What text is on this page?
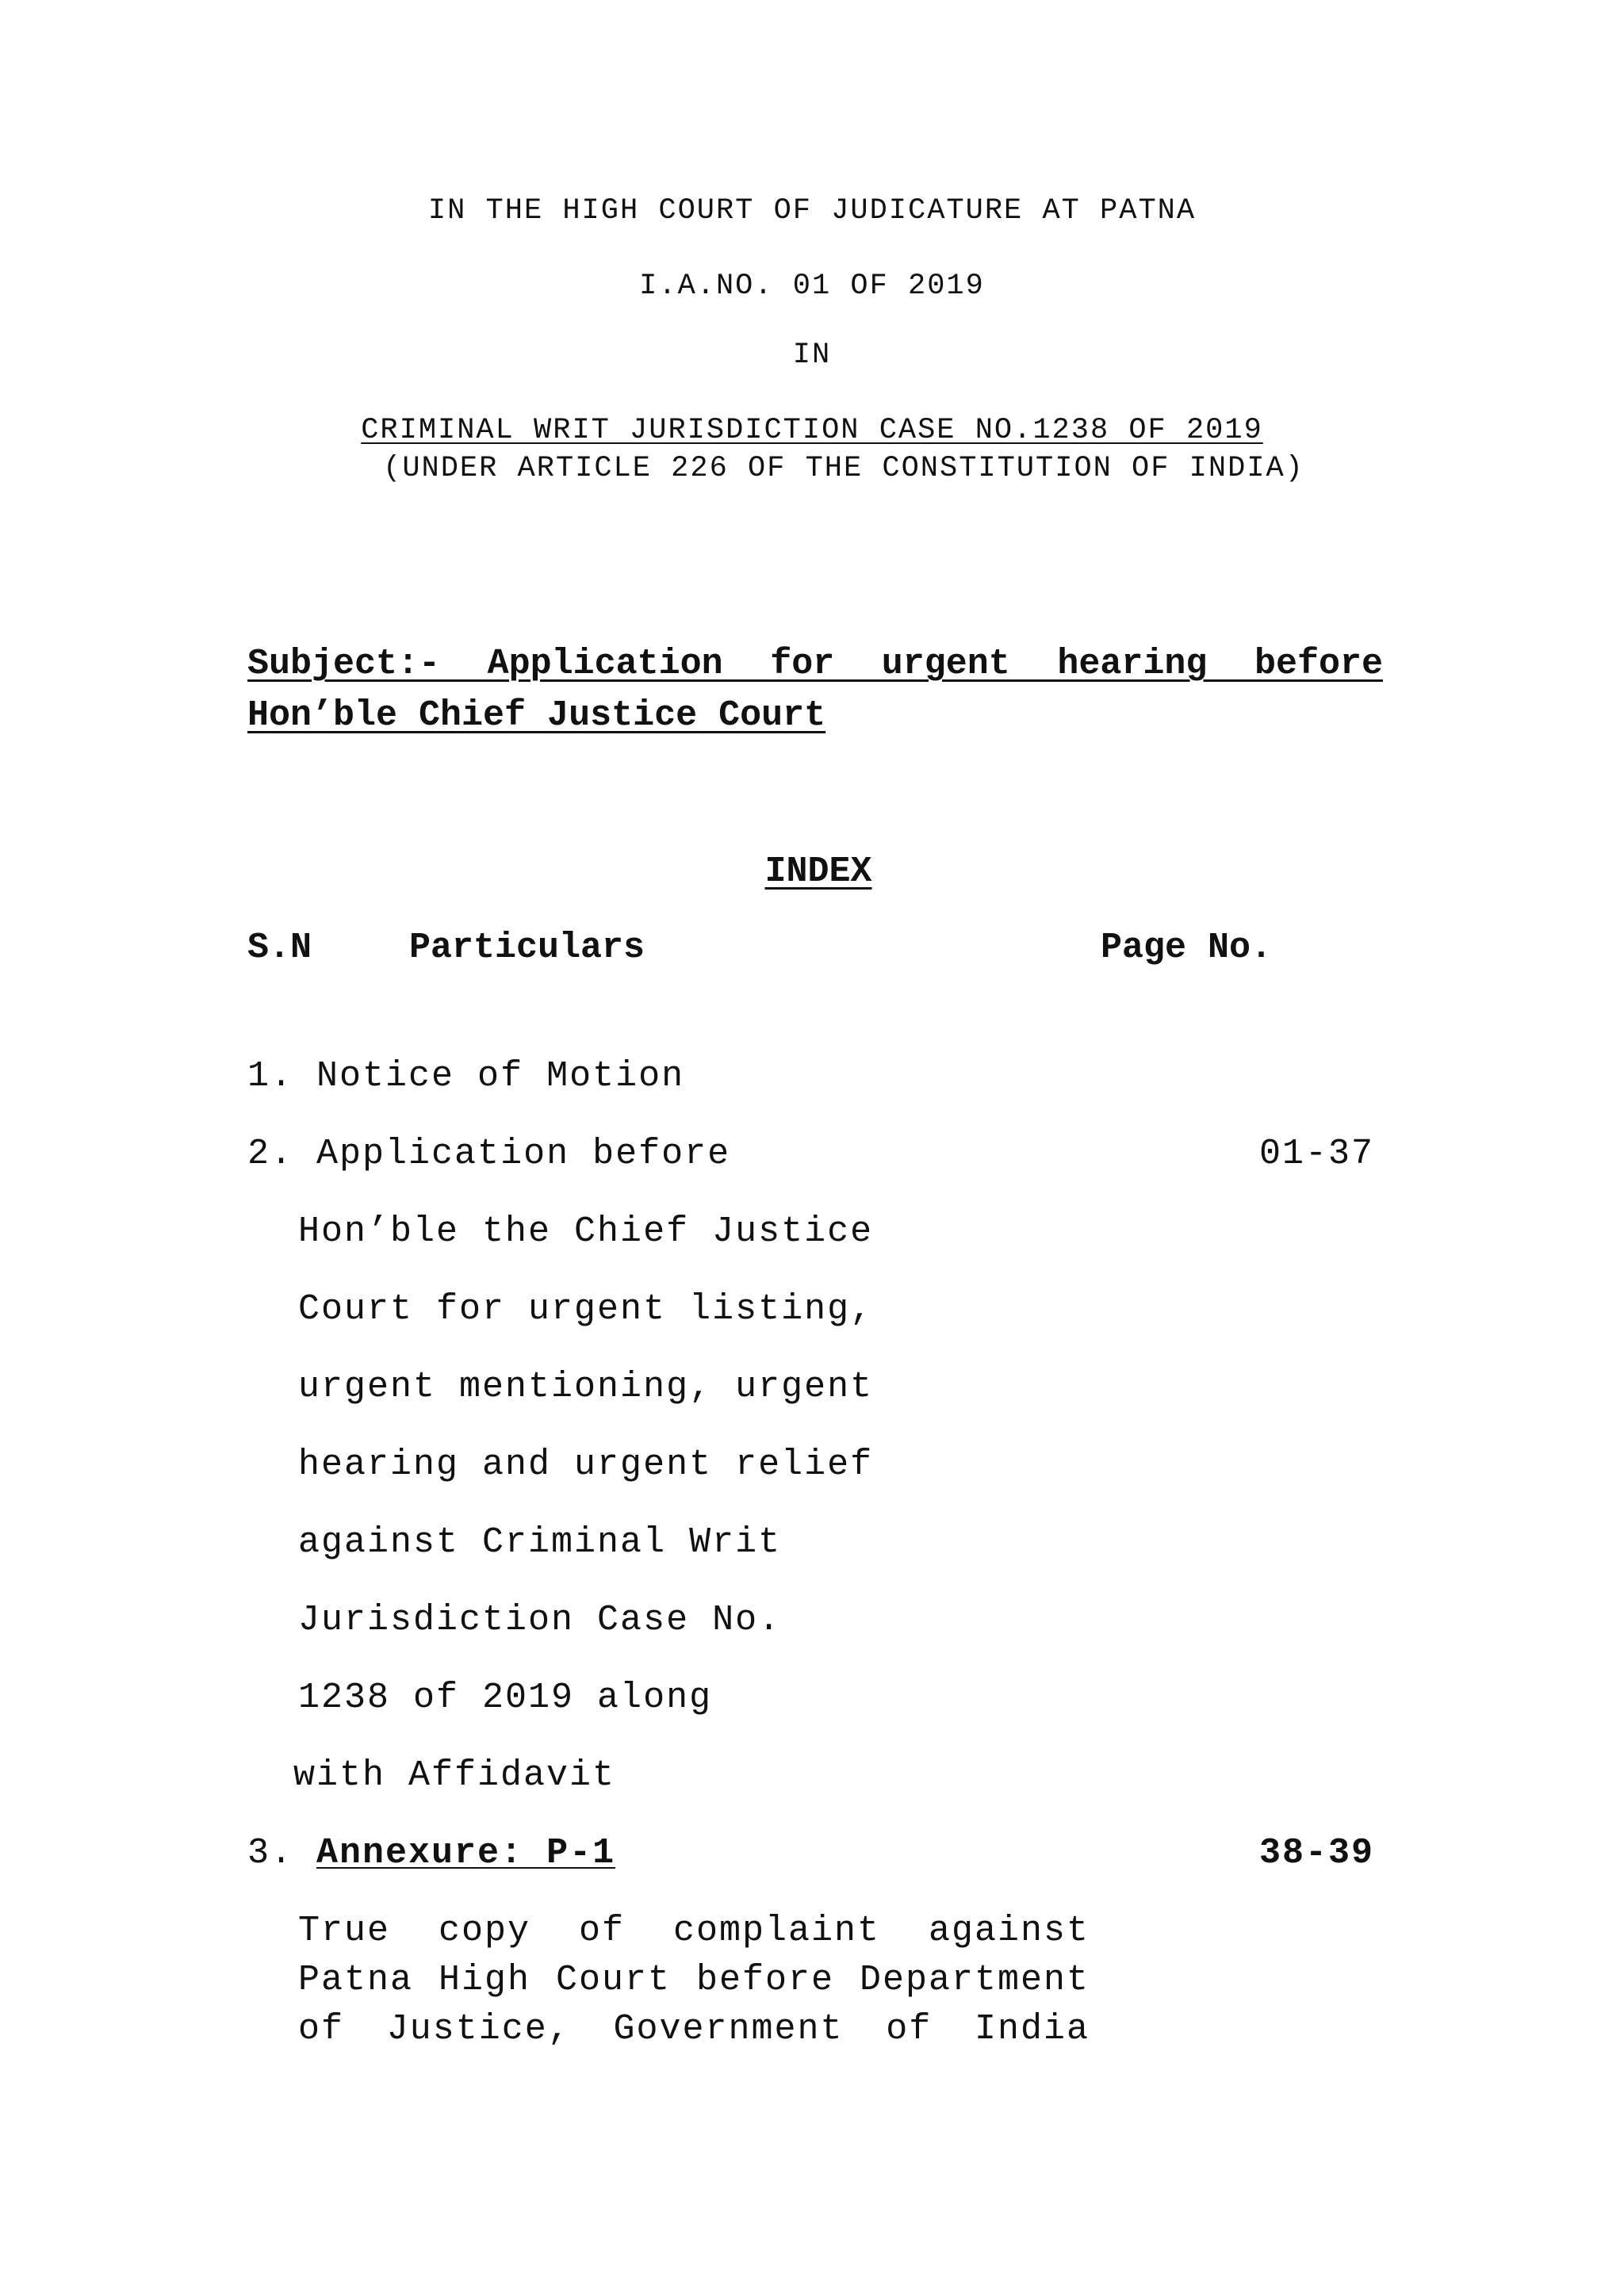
IN THE HIGH COURT OF JUDICATURE AT PATNA
I.A.NO. 01 OF 2019
IN
CRIMINAL WRIT JURISDICTION CASE NO.1238 OF 2019
(UNDER ARTICLE 226 OF THE CONSTITUTION OF INDIA)
Subject:- Application for urgent hearing before
Hon’ble Chief Justice Court
INDEX
S.N	Particulars	Page No.
1. Notice of Motion
2. Application before	01-37
Hon’ble the Chief Justice
Court for urgent listing,
urgent mentioning, urgent
hearing and urgent relief
against Criminal Writ
Jurisdiction Case No.
1238 of 2019 along
with Affidavit
3. Annexure: P-1	38-39
True copy of complaint against
Patna High Court before Department
of Justice, Government of India
